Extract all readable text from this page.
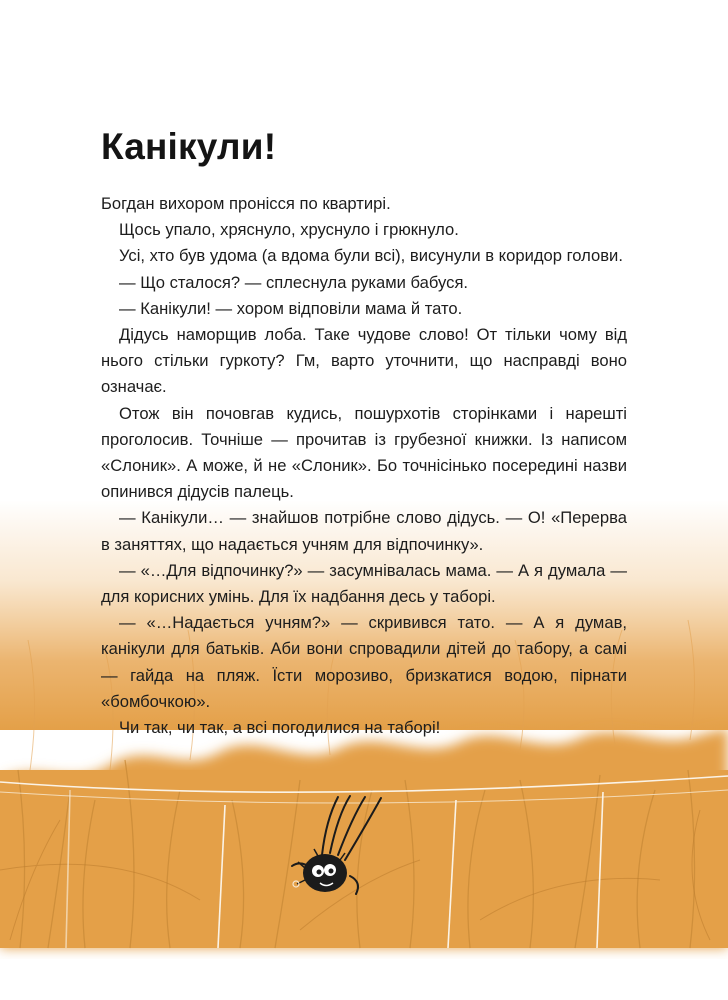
Канікули!

Богдан вихором пронісся по квартирі.

Щось упало, хряснуло, хруснуло і грюкнуло.

Усі, хто був удома (а вдома були всі), висунули в коридор голови.

— Що сталося? — сплеснула руками бабуся.

— Канікули! — хором відповіли мама й тато.

Дідусь наморщив лоба. Таке чудове слово! От тільки чому від нього стільки гуркоту? Гм, варто уточнити, що насправді воно означає.

Отож він почовгав кудись, пошурхотів сторінками і нарешті проголосив. Точніше — прочитав із грубезної книжки. Із написом «Слоник». А може, й не «Слоник». Бо точнісінько посередині назви опинився дідусів палець.

— Канікули… — знайшов потрібне слово дідусь. — О! «Перерва в заняттях, що надається учням для відпочинку».

— «…Для відпочинку?» — засумнівалась мама. — А я думала — для корисних умінь. Для їх надбання десь у таборі.

— «…Надається учням?» — скривився тато. — А я думав, канікули для батьків. Аби вони спровадили дітей до табору, а самі — гайда на пляж. Їсти морозиво, бризкатися водою, пірнати «бомбочкою».

Чи так, чи так, а всі погодилися на таборі!
